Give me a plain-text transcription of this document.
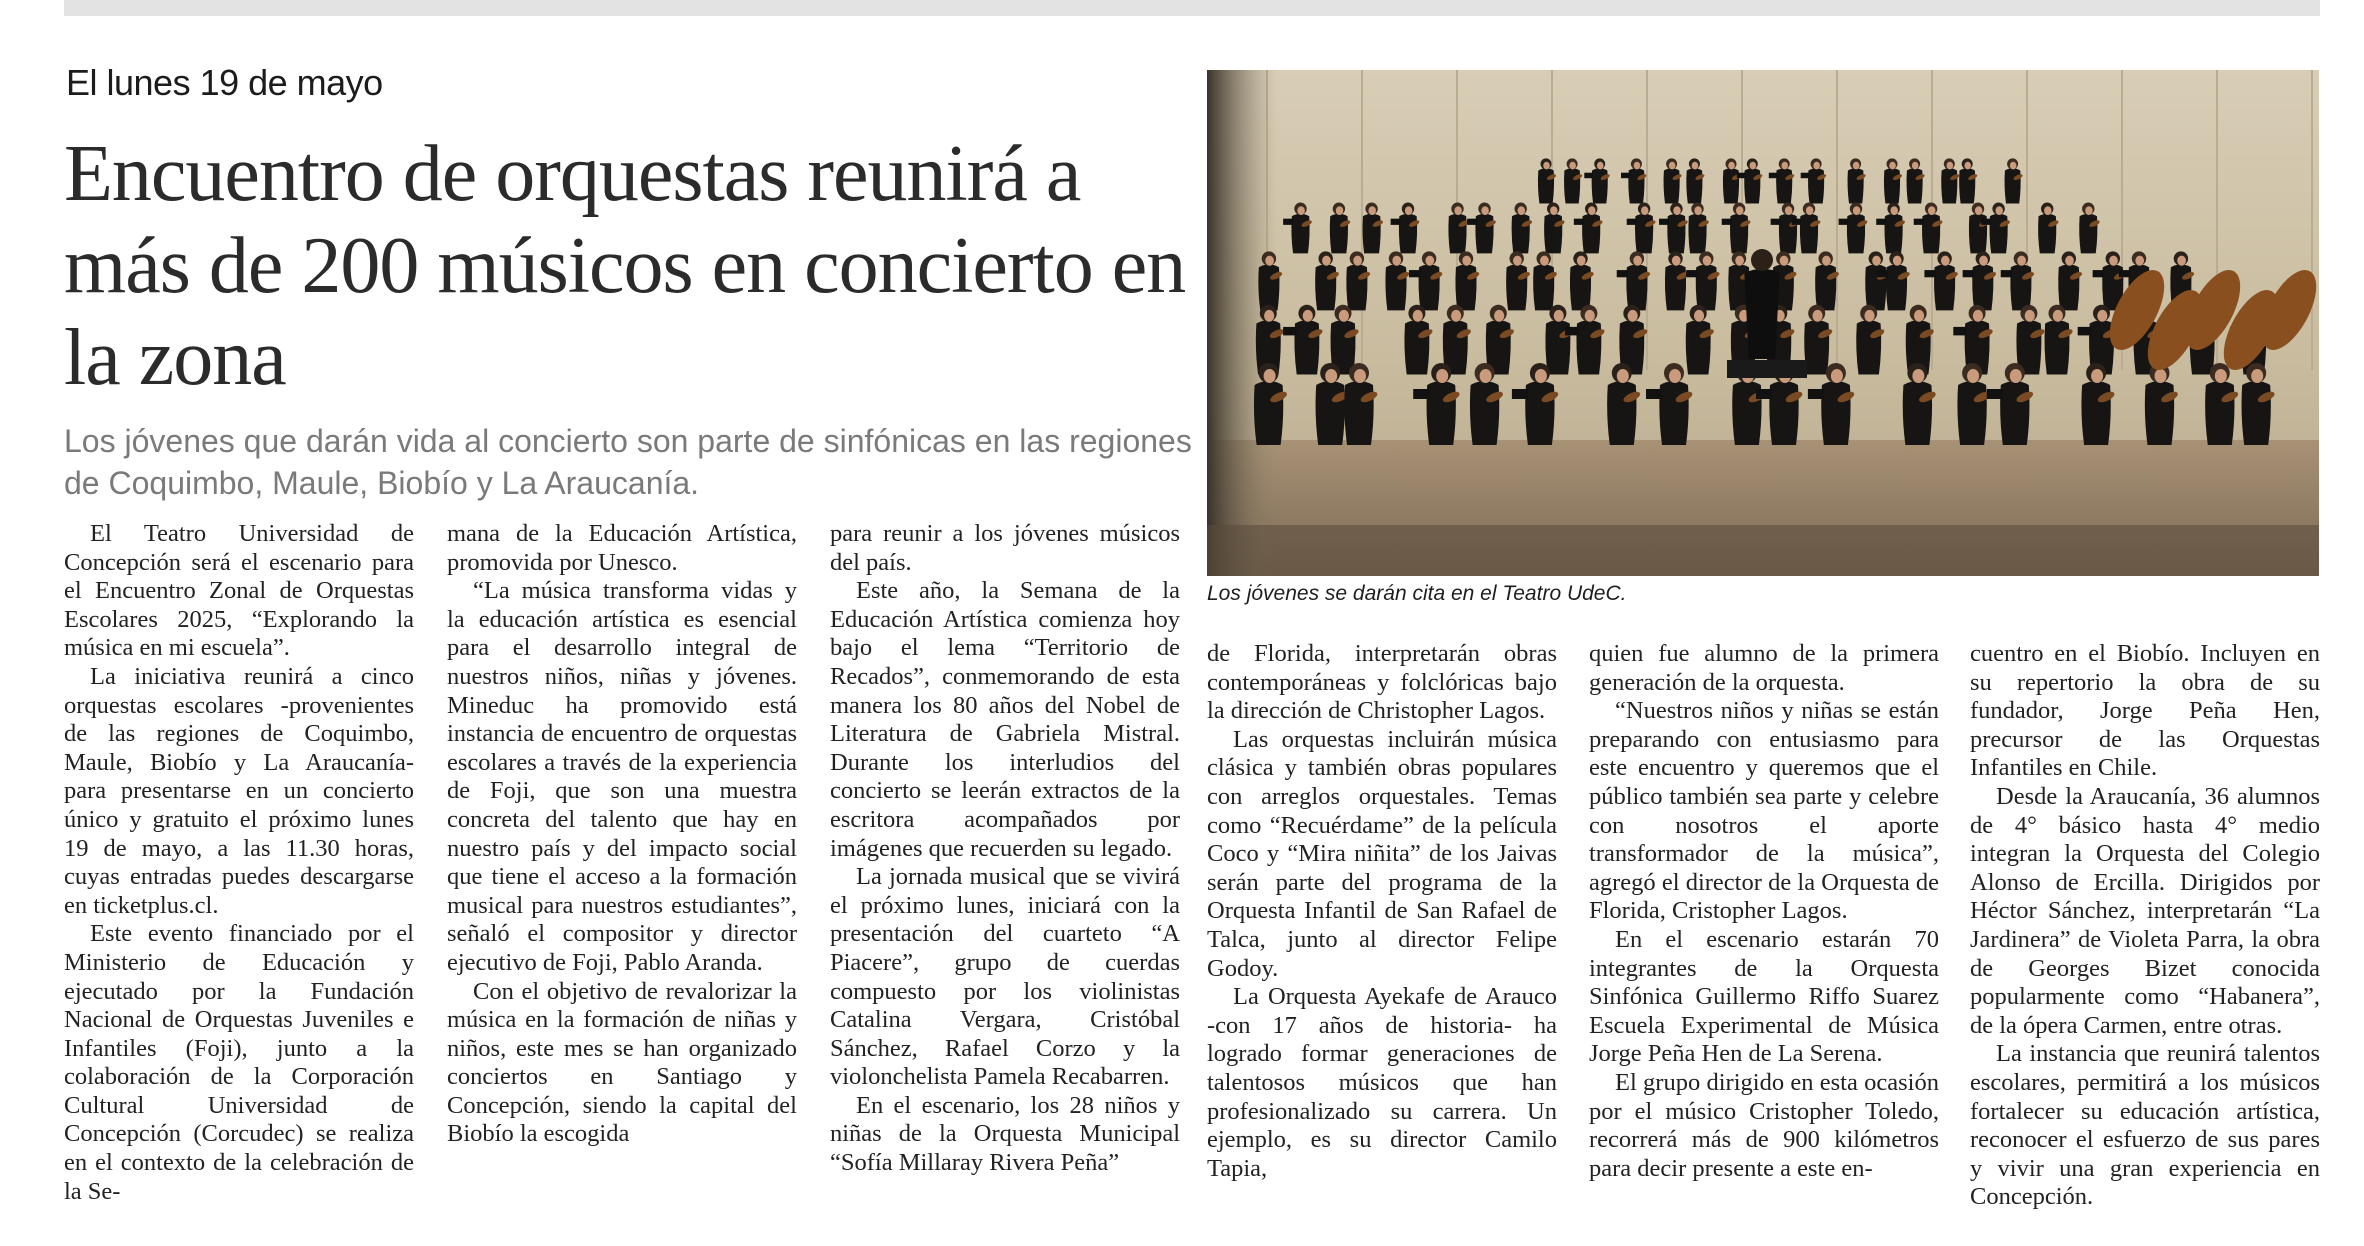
El lunes 19 de mayo
Encuentro de orquestas reunirá a más de 200 músicos en concierto en la zona

Los jóvenes que darán vida al concierto son parte de sinfónicas en las regiones de Coquimbo, Maule, Biobío y La Araucanía.

Los jóvenes se darán cita en el Teatro UdeC.

El Teatro Universidad de Concepción será el escenario para el Encuentro Zonal de Orquestas Escolares 2025, “Explorando la música en mi escuela”.

La iniciativa reunirá a cinco orquestas escolares -provenientes de las regiones de Coquimbo, Maule, Biobío y La Araucanía- para presentarse en un concierto único y gratuito el próximo lunes 19 de mayo, a las 11.30 horas, cuyas entradas puedes descargarse en ticketplus.cl.

Este evento financiado por el Ministerio de Educación y ejecutado por la Fundación Nacional de Orquestas Juveniles e Infantiles (Foji), junto a la colaboración de la Corporación Cultural Universidad de Concepción (Corcudec) se realiza en el contexto de la celebración de la Se-

mana de la Educación Artística, promovida por Unesco.

“La música transforma vidas y la educación artística es esencial para el desarrollo integral de nuestros niños, niñas y jóvenes. Mineduc ha promovido está instancia de encuentro de orquestas escolares a través de la experiencia de Foji, que son una muestra concreta del talento que hay en nuestro país y del impacto social que tiene el acceso a la formación musical para nuestros estudiantes”, señaló el compositor y director ejecutivo de Foji, Pablo Aranda.

Con el objetivo de revalorizar la música en la formación de niñas y niños, este mes se han organizado conciertos en Santiago y Concepción, siendo la capital del Biobío la escogida

para reunir a los jóvenes músicos del país.

Este año, la Semana de la Educación Artística comienza hoy bajo el lema “Territorio de Recados”, conmemorando de esta manera los 80 años del Nobel de Literatura de Gabriela Mistral. Durante los interludios del concierto se leerán extractos de la escritora acompañados por imágenes que recuerden su legado.

La jornada musical que se vivirá el próximo lunes, iniciará con la presentación del cuarteto “A Piacere”, grupo de cuerdas compuesto por los violinistas Catalina Vergara, Cristóbal Sánchez, Rafael Corzo y la violonchelista Pamela Recabarren.

En el escenario, los 28 niños y niñas de la Orquesta Municipal “Sofía Millaray Rivera Peña”

de Florida, interpretarán obras contemporáneas y folclóricas bajo la dirección de Christopher Lagos.

Las orquestas incluirán música clásica y también obras populares con arreglos orquestales. Temas como “Recuérdame” de la película Coco y “Mira niñita” de los Jaivas serán parte del programa de la Orquesta Infantil de San Rafael de Talca, junto al director Felipe Godoy.

La Orquesta Ayekafe de Arauco -con 17 años de historia- ha logrado formar generaciones de talentosos músicos que han profesionalizado su carrera. Un ejemplo, es su director Camilo Tapia,

quien fue alumno de la primera generación de la orquesta.

“Nuestros niños y niñas se están preparando con entusiasmo para este encuentro y queremos que el público también sea parte y celebre con nosotros el aporte transformador de la música”, agregó el director de la Orquesta de Florida, Cristopher Lagos.

En el escenario estarán 70 integrantes de la Orquesta Sinfónica Guillermo Riffo Suarez Escuela Experimental de Música Jorge Peña Hen de La Serena.

El grupo dirigido en esta ocasión por el músico Cristopher Toledo, recorrerá más de 900 kilómetros para decir presente a este en-

cuentro en el Biobío. Incluyen en su repertorio la obra de su fundador, Jorge Peña Hen, precursor de las Orquestas Infantiles en Chile.

Desde la Araucanía, 36 alumnos de 4° básico hasta 4° medio integran la Orquesta del Colegio Alonso de Ercilla. Dirigidos por Héctor Sánchez, interpretarán “La Jardinera” de Violeta Parra, la obra de Georges Bizet conocida popularmente como “Habanera”, de la ópera Carmen, entre otras.

La instancia que reunirá talentos escolares, permitirá a los músicos fortalecer su educación artística, reconocer el esfuerzo de sus pares y vivir una gran experiencia en Concepción.
